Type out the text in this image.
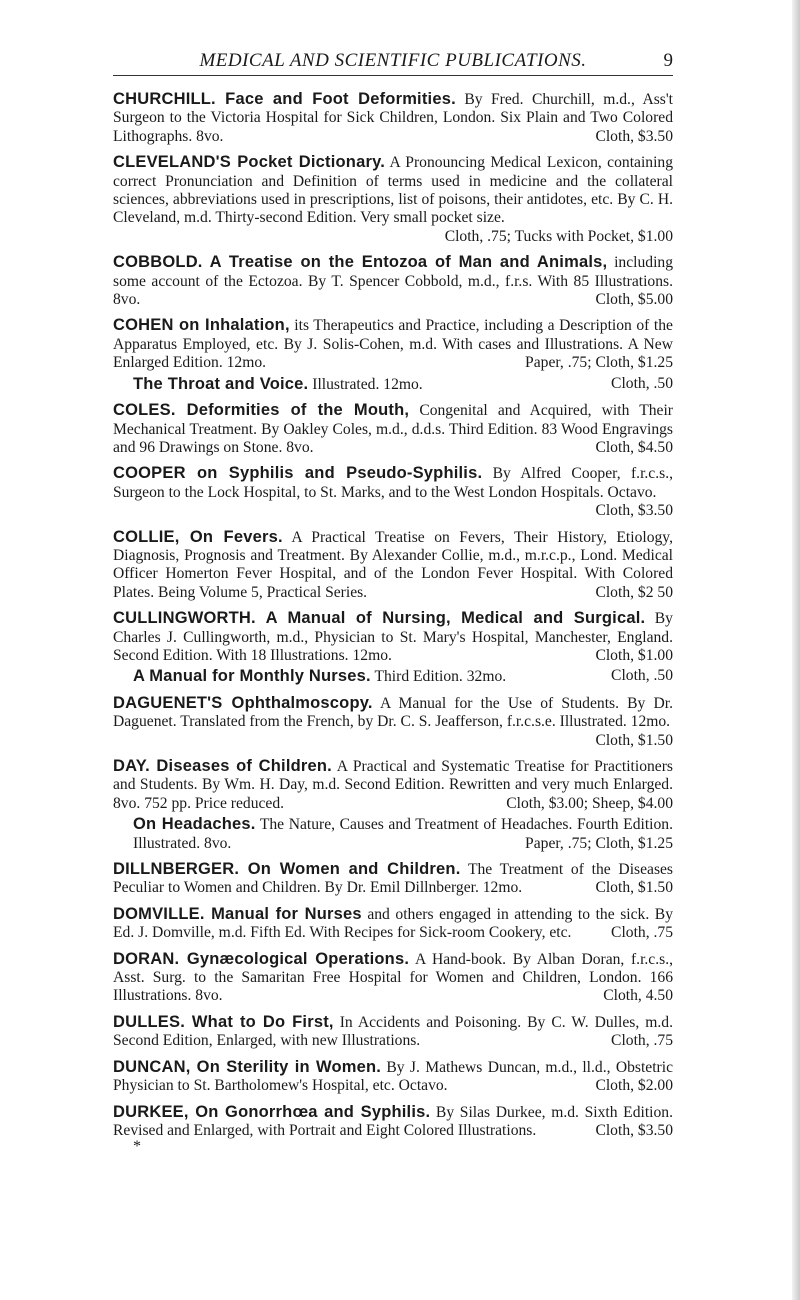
MEDICAL AND SCIENTIFIC PUBLICATIONS.	9
CHURCHILL. Face and Foot Deformities. By Fred. Churchill, m.d., Ass't Surgeon to the Victoria Hospital for Sick Children, London. Six Plain and Two Colored Lithographs. 8vo.	Cloth, $3.50
CLEVELAND'S Pocket Dictionary. A Pronouncing Medical Lexicon, containing correct Pronunciation and Definition of terms used in medicine and the collateral sciences, abbreviations used in prescriptions, list of poisons, their antidotes, etc. By C. H. Cleveland, m.d. Thirty-second Edition. Very small pocket size.
Cloth, .75; Tucks with Pocket, $1.00
COBBOLD. A Treatise on the Entozoa of Man and Animals, including some account of the Ectozoa. By T. Spencer Cobbold, m.d., f.r.s. With 85 Illustrations. 8vo.	Cloth, $5.00
COHEN on Inhalation, its Therapeutics and Practice, including a Description of the Apparatus Employed, etc. By J. Solis-Cohen, m.d. With cases and Illustrations. A New Enlarged Edition. 12mo.	Paper, .75; Cloth, $1.25
The Throat and Voice. Illustrated. 12mo.	Cloth, .50
COLES. Deformities of the Mouth, Congenital and Acquired, with Their Mechanical Treatment. By Oakley Coles, m.d., d.d.s. Third Edition. 83 Wood Engravings and 96 Drawings on Stone. 8vo.	Cloth, $4.50
COOPER on Syphilis and Pseudo-Syphilis. By Alfred Cooper, f.r.c.s., Surgeon to the Lock Hospital, to St. Marks, and to the West London Hospitals. Octavo.
Cloth, $3.50
COLLIE, On Fevers. A Practical Treatise on Fevers, Their History, Etiology, Diagnosis, Prognosis and Treatment. By Alexander Collie, m.d., m.r.c.p., Lond. Medical Officer Homerton Fever Hospital, and of the London Fever Hospital. With Colored Plates. Being Volume 5, Practical Series.	Cloth, $2 50
CULLINGWORTH. A Manual of Nursing, Medical and Surgical. By Charles J. Cullingworth, m.d., Physician to St. Mary's Hospital, Manchester, England. Second Edition. With 18 Illustrations. 12mo.	Cloth, $1.00
A Manual for Monthly Nurses. Third Edition. 32mo.	Cloth, .50
DAGUENET'S Ophthalmoscopy. A Manual for the Use of Students. By Dr. Daguenet. Translated from the French, by Dr. C. S. Jeafferson, f.r.c.s.e. Illustrated. 12mo.
Cloth, $1.50
DAY. Diseases of Children. A Practical and Systematic Treatise for Practitioners and Students. By Wm. H. Day, m.d. Second Edition. Rewritten and very much Enlarged. 8vo. 752 pp. Price reduced.	Cloth, $3.00; Sheep, $4.00
On Headaches. The Nature, Causes and Treatment of Headaches. Fourth Edition. Illustrated. 8vo.	Paper, .75; Cloth, $1.25
DILLNBERGER. On Women and Children. The Treatment of the Diseases Peculiar to Women and Children. By Dr. Emil Dillnberger. 12mo.	Cloth, $1.50
DOMVILLE. Manual for Nurses and others engaged in attending to the sick. By Ed. J. Domville, m.d. Fifth Ed. With Recipes for Sick-room Cookery, etc.	Cloth, .75
DORAN. Gynæcological Operations. A Hand-book. By Alban Doran, f.r.c.s., Asst. Surg. to the Samaritan Free Hospital for Women and Children, London. 166 Illustrations. 8vo.	Cloth, 4.50
DULLES. What to Do First, In Accidents and Poisoning. By C. W. Dulles, m.d. Second Edition, Enlarged, with new Illustrations.	Cloth, .75
DUNCAN, On Sterility in Women. By J. Mathews Duncan, m.d., ll.d., Obstetric Physician to St. Bartholomew's Hospital, etc. Octavo.	Cloth, $2.00
DURKEE, On Gonorrhœa and Syphilis. By Silas Durkee, m.d. Sixth Edition. Revised and Enlarged, with Portrait and Eight Colored Illustrations.	Cloth, $3.50
*
